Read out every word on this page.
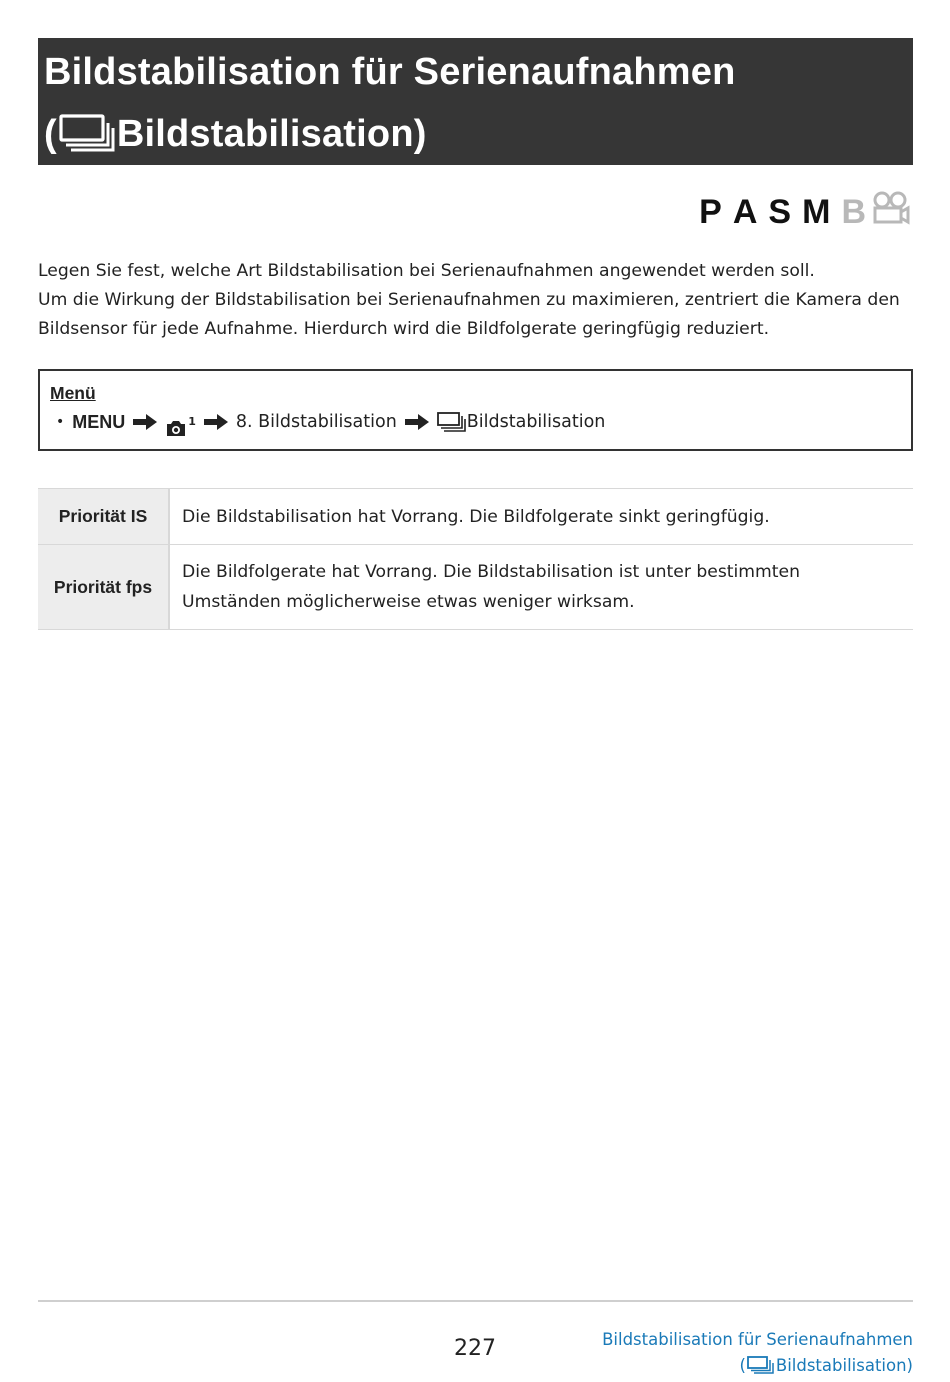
Bildstabilisation für Serienaufnahmen
( Bildstabilisation)
P A S M B

Legen Sie fest, welche Art Bildstabilisation bei Serienaufnahmen angewendet werden soll.

Um die Wirkung der Bildstabilisation bei Serienaufnahmen zu maximieren, zentriert die Kamera den Bildsensor für jede Aufnahme. Hierdurch wird die Bildfolgerate geringfügig reduziert.

Menü
• MENU	$^1$ 8. Bildstabilisation	Bildstabilisation
Priorität IS	Die Bildstabilisation hat Vorrang. Die Bildfolgerate sinkt geringfügig.
Priorität fps	Die Bildfolgerate hat Vorrang. Die Bildstabilisation ist unter bestimmten Umständen möglicherweise etwas weniger wirksam.
227	Bildstabilisation für Serienaufnahmen
( Bildstabilisation)
